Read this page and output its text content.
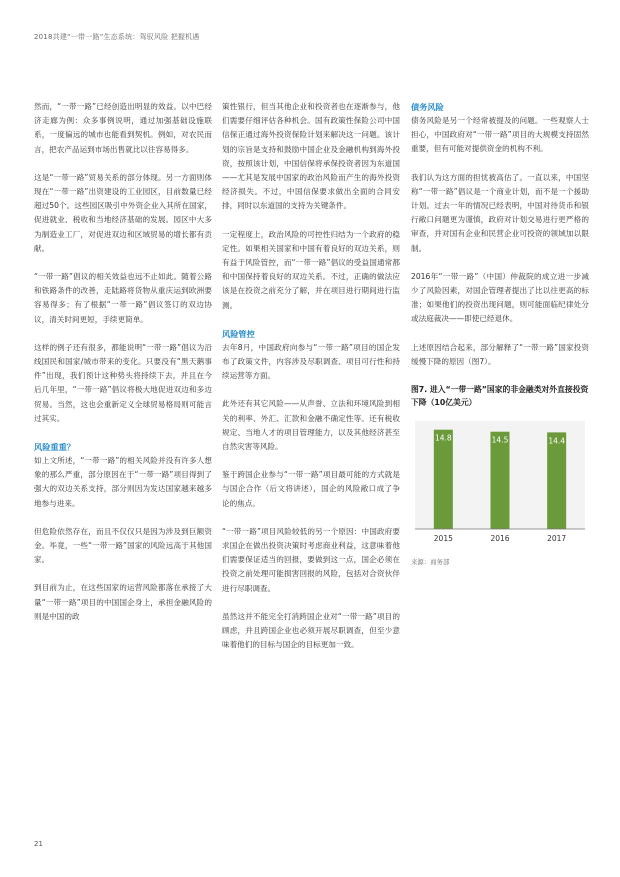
2018共建“一带一路”生态系统：驾驭风险 把握机遇

然而，“一带一路”已经创造出明显的效益。以中巴经济走廊为例：众多事例说明，通过加强基础设施联系，一度偏远的城市也能看到契机。例如，对农民而言，把农产品运到市场出售就比以往容易得多。

这是“一带一路”贸易关系的部分体现。另一方面则体现在“一带一路”出资建设的工业园区，目前数量已经超过50个。这些园区吸引中外资企业入其所在国家，促进就业、税收和当地经济基础的发展。园区中大多为制造业工厂，对促进双边和区域贸易的增长都有贡献。

“一带一路”倡议的相关效益也远不止如此。随着公路和铁路条件的改善，走陆路将货物从重庆运到欧洲要容易得多；有了根据“一带一路”倡议签订的双边协议，清关时间更短，手续更简单。

这样的例子还有很多，都能说明“一带一路”倡议为沿线国民和国家/城市带来的变化。只要没有“黑天鹅事件”出现，我们预计这种势头将持续下去，并且在今后几年里，“一带一路”倡议将极大地促进双边和多边贸易。当然，这也会重新定义全球贸易格局则可能言过其实。

风险重重？

如上文所述，“一带一路”的相关风险并没有许多人想象的那么严重，部分原因在于“一带一路”项目得到了强大的双边关系支持，部分则因为发达国家越来越多地参与进来。

但危险依然存在，而且不仅仅只是因为涉及到巨额资金。毕竟，一些“一带一路”国家的风险远高于其他国家。

到目前为止，在这些国家的运营风险都落在承接了大量“一带一路”项目的中国国企身上，承担金融风险的则是中国的政

策性银行，但当其他企业和投资者也在逐渐参与，他们需要仔细评估各种机会。国有政策性保险公司中国信保正通过海外投资保险计划来解决这一问题。该计划的宗旨是支持和鼓励中国企业及金融机构到海外投资，按照该计划，中国信保将承保投资者因为东道国——尤其是发展中国家的政治风险而产生的海外投资经济损失。不过，中国信保要求做出全面的合同安排，同时以东道国的支持为关键条件。

一定程度上，政治风险的可控性归结为一个政府的稳定性。如果相关国家和中国有着良好的双边关系，则有益于风险管控，而“一带一路”倡议的受益国通常都和中国保持着良好的双边关系。不过，正确的做法应该是在投资之前充分了解，并在项目进行期间进行监测。

风险管控

去年8月，中国政府向参与“一带一路”项目的国企发布了政策文件，内容涉及尽职调查、项目可行性和持续运营等方面。

此外还有其它风险——从声誉、立法和环境风险到相关的利率、外汇、汇款和金融不确定性等。还有税收规定、当地人才的项目管理能力，以及其他经济甚至自然灾害等风险。

鉴于跨国企业参与“一带一路”项目最可能的方式就是与国企合作（后文将讲述），国企的风险敞口成了争论的焦点。

“一带一路”项目风险较低的另一个原因：中国政府要求国企在做出投资决策时考虑商业利益，这意味着他们需要保证适当的回报，要做到这一点，国企必须在投资之前处理可能损害回报的风险，包括对合资伙伴进行尽职调查。

虽然这并不能完全打消跨国企业对“一带一路”项目的顾虑，并且跨国企业也必须开展尽职调查，但至少意味着他们的目标与国企的目标更加一致。

债务风险

债务风险是另一个经常被提及的问题。一些观察人士担心，中国政府对“一带一路”项目的大规模支持固然重要，但有可能对提供资金的机构不利。

我们认为这方面的担忧被高估了。一直以来，中国坚称“一带一路”倡议是一个商业计划，而不是一个援助计划。过去一年的情况已经表明，中国对待货币和银行敞口问题更为谨慎，政府对计划交易进行更严格的审查，并对国有企业和民营企业可投资的领域加以限制。

2016年“一带一路”（中国）仲裁院的成立进一步减少了风险因素，对国企管理者提出了比以往更高的标准；如果他们的投资出现问题，则可能面临纪律处分或法庭裁决——即使已经退休。

上述原因结合起来，部分解释了“一带一路”国家投资缓慢下降的原因（图7）。

图7. 进入“一带一路”国家的非金融类对外直接投资下降（10亿美元）
14.8
2015
14.5
2016
14.4
2017
来源：商务部
21
